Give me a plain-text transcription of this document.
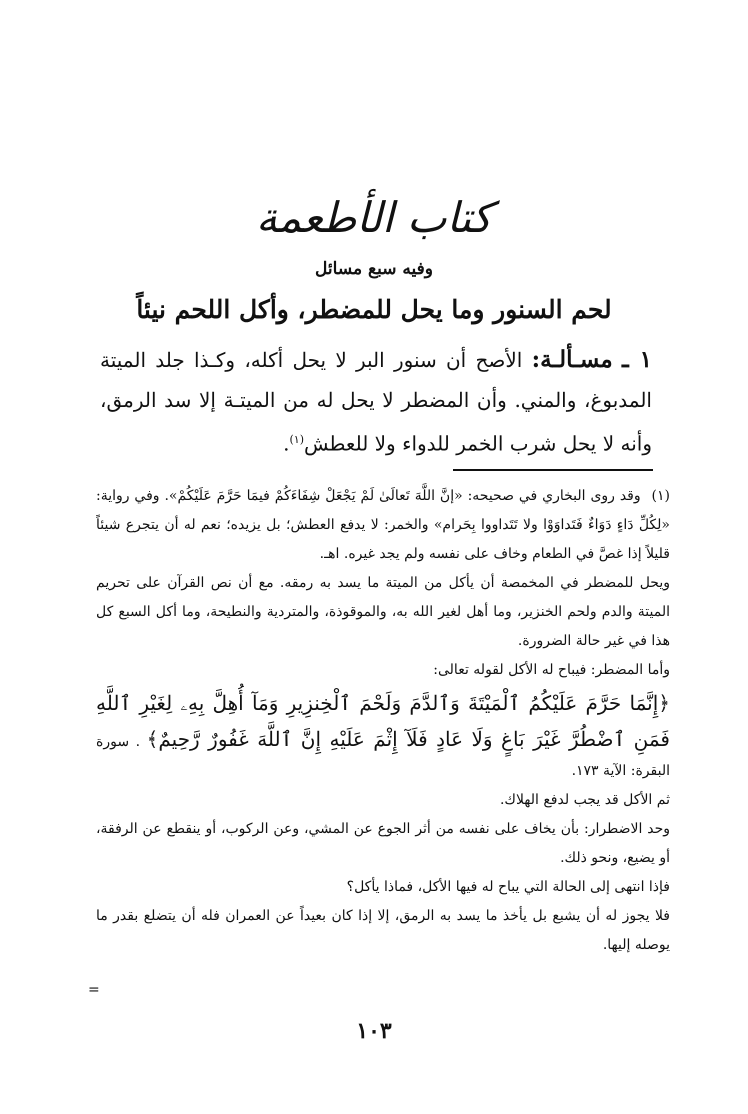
كتاب الأطعمة
وفيه سبع مسائل
لحم السنور وما يحل للمضطر، وأكل اللحم نيئاً

١ ـ مسـألـة: الأصح أن سنور البر لا يحل أكله، وكـذا جلد الميتة المدبوغ، والمني. وأن المضطر لا يحل له من الميتـة إلا سد الرمق، وأنه لا يحل شرب الخمر للدواء ولا للعطش$^{(١)}$.

(١) وقد روى البخاري في صحيحه: «إنَّ اللَّهَ تَعالَىٰ لَمْ يَجْعَلْ شِفَاءَكُمْ فيمَا حَرَّمَ عَلَيْكُمْ». وفي رواية: «لِكُلِّ دَاءٍ دَوَاءٌ فَتَداوَوْا ولا تَتَداووا بِحَرام» والخمر: لا يدفع العطش؛ بل يزيده؛ نعم له أن يتجرع شيئاً قليلاً إذا غصَّ في الطعام وخاف على نفسه ولم يجد غيره. اهـ.

ويحل للمضطر في المخمصة أن يأكل من الميتة ما يسد به رمقه. مع أن نص القرآن على تحريم الميتة والدم ولحم الخنزير، وما أهل لغير الله به، والموقوذة، والمتردية والنطيحة، وما أكل السبع كل هذا في غير حالة الضرورة.

وأما المضطر: فيباح له الأكل لقوله تعالى:

﴿إِنَّمَا حَرَّمَ عَلَيْكُمُ ٱلْمَيْتَةَ وَٱلدَّمَ وَلَحْمَ ٱلْخِنزِيرِ وَمَآ أُهِلَّ بِهِۦ لِغَيْرِ ٱللَّهِ فَمَنِ ٱضْطُرَّ غَيْرَ بَاغٍ وَلَا عَادٍ فَلَآ إِثْمَ عَلَيْهِ إِنَّ ٱللَّهَ غَفُورٌ رَّحِيمٌ﴾ . سورة البقرة: الآية ١٧٣.

ثم الأكل قد يجب لدفع الهلاك.

وحد الاضطرار: بأن يخاف على نفسه من أثر الجوع عن المشي، وعن الركوب، أو ينقطع عن الرفقة، أو يضيع، ونحو ذلك.

فإذا انتهى إلى الحالة التي يباح له فيها الأكل، فماذا يأكل؟

فلا يجوز له أن يشبع بل يأخذ ما يسد به الرمق، إلا إذا كان بعيداً عن العمران فله أن يتضلع بقدر ما يوصله إليها.

=
١٠٣
